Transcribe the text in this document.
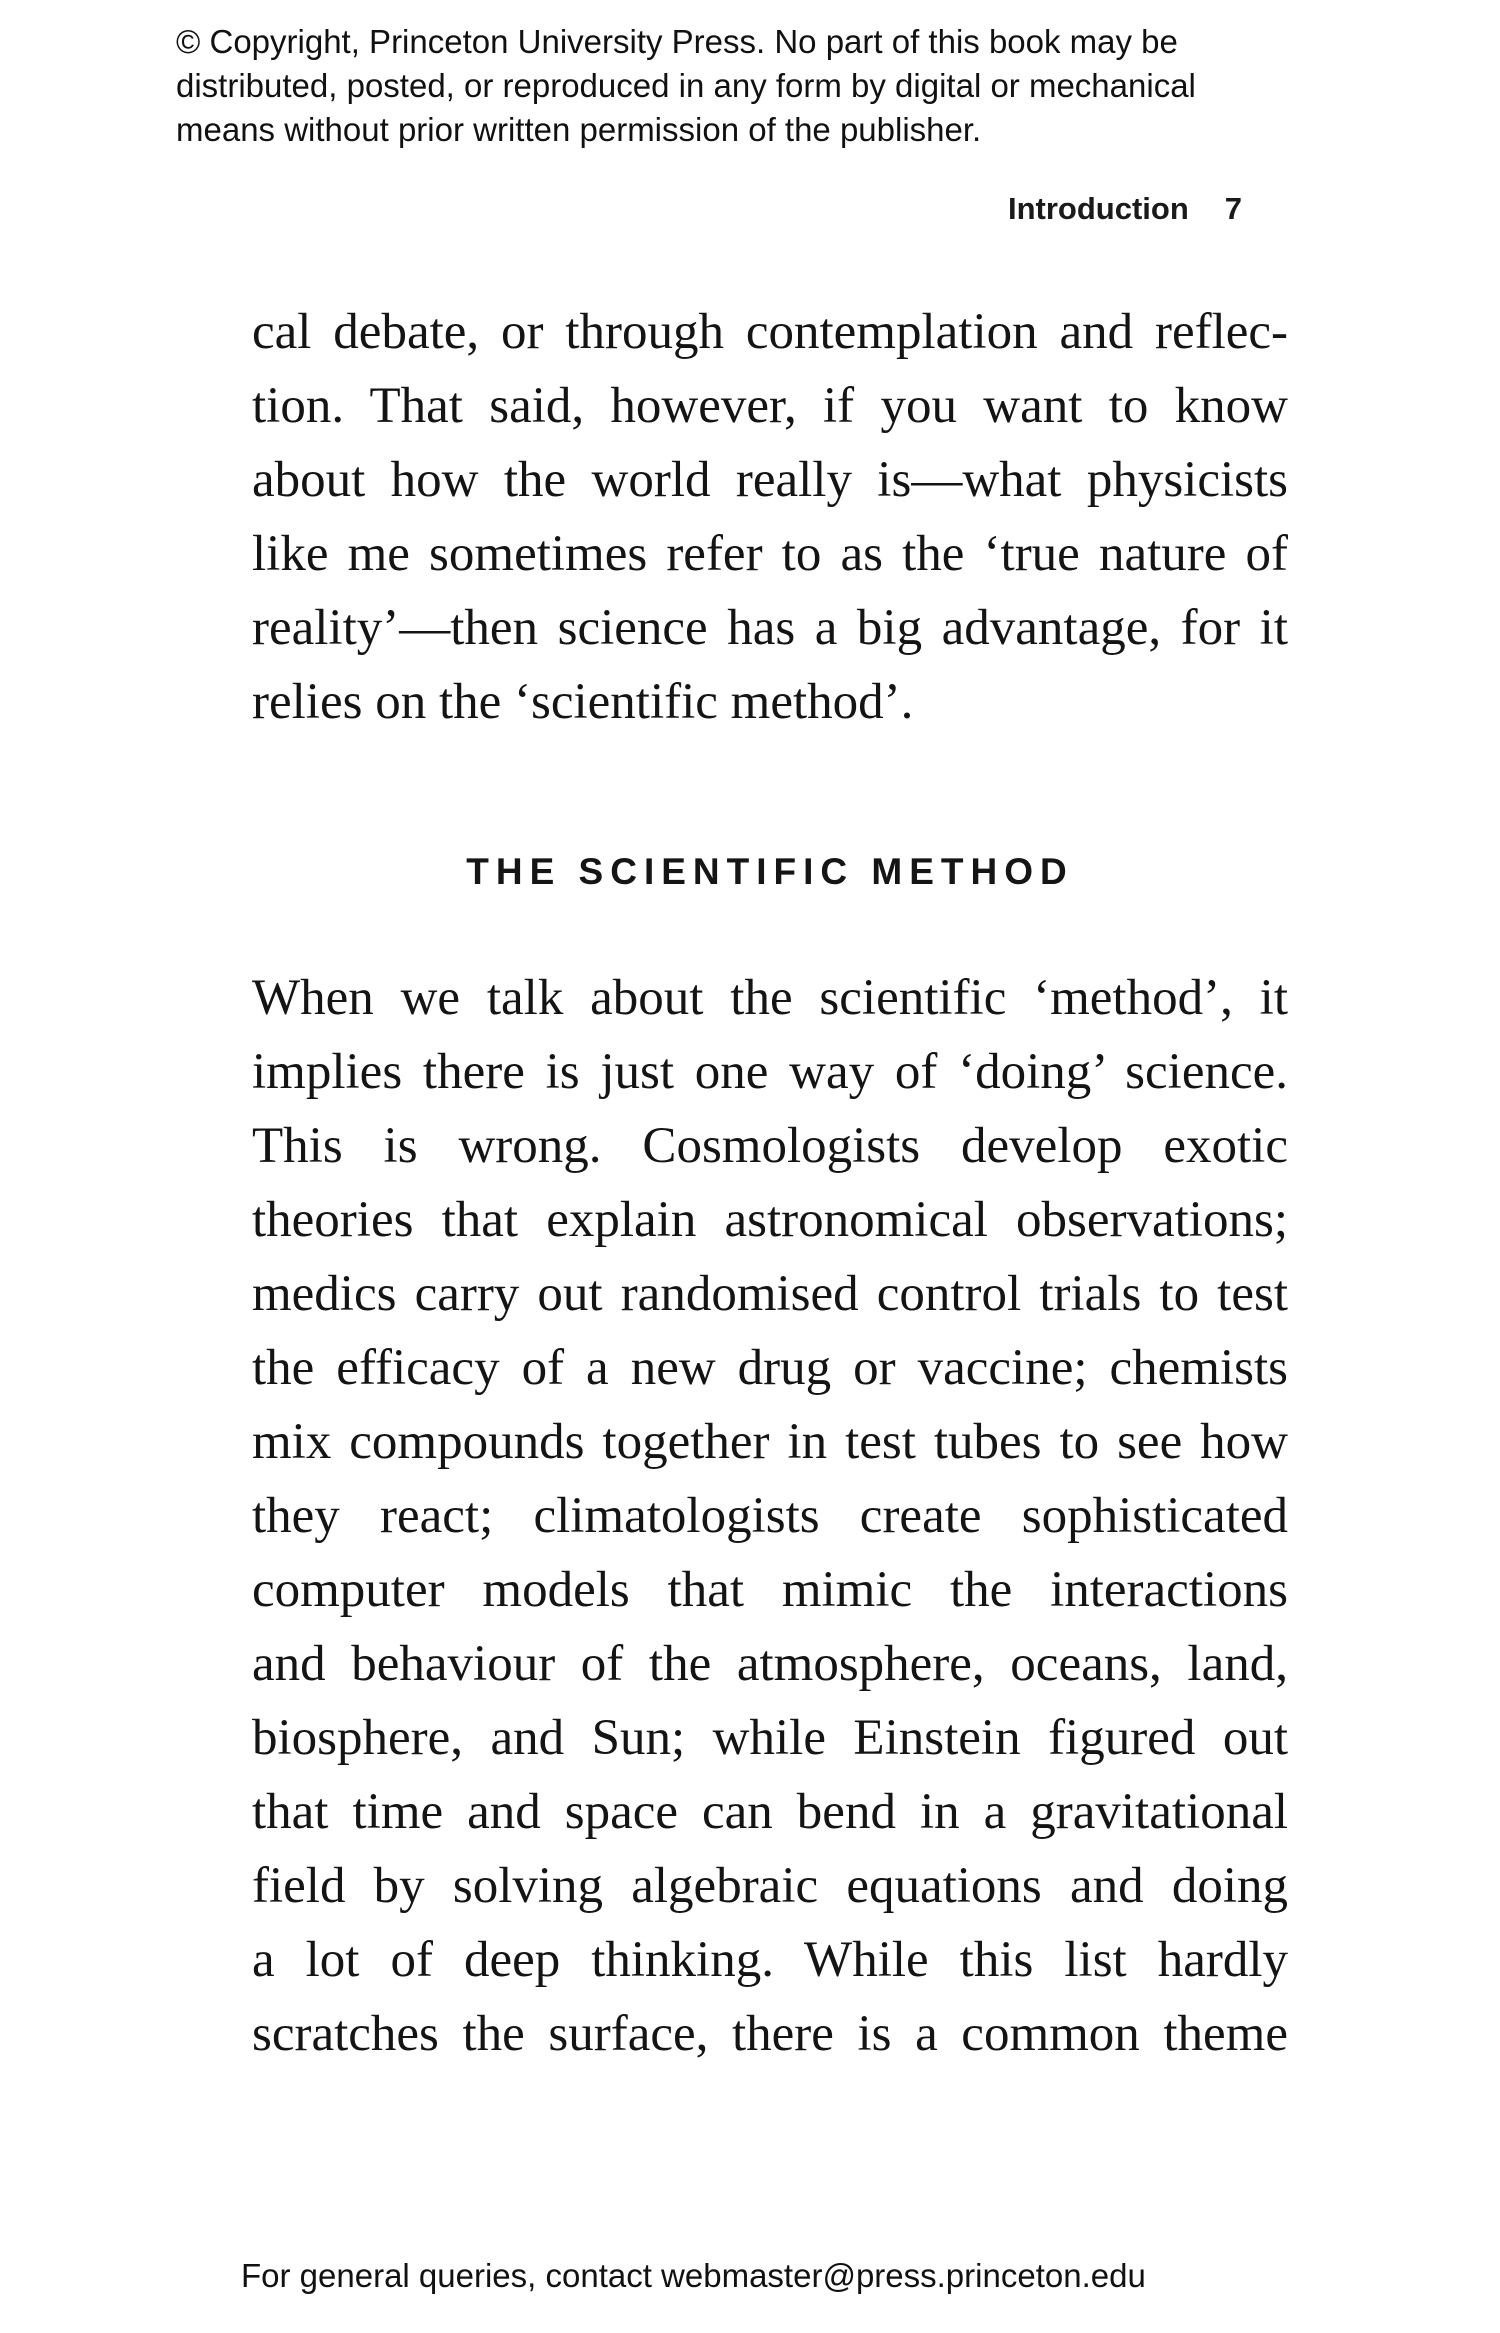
© Copyright, Princeton University Press. No part of this book may be
distributed, posted, or reproduced in any form by digital or mechanical
means without prior written permission of the publisher.
Introduction 7
cal debate, or through contemplation and reflec-
tion. That said, however, if you want to know
about how the world really is—what physicists
like me sometimes refer to as the ‘true nature of
reality’—then science has a big advantage, for it
relies on the ‘scientific method’.
THE SCIENTIFIC METHOD
When we talk about the scientific ‘method’, it
implies there is just one way of ‘doing’ science.
This is wrong. Cosmologists develop exotic
theories that explain astronomical observations;
medics carry out randomised control trials to test
the efficacy of a new drug or vaccine; chemists
mix compounds together in test tubes to see how
they react; climatologists create sophisticated
computer models that mimic the interactions
and behaviour of the atmosphere, oceans, land,
biosphere, and Sun; while Einstein figured out
that time and space can bend in a gravitational
field by solving algebraic equations and doing
a lot of deep thinking. While this list hardly
scratches the surface, there is a common theme
For general queries, contact webmaster@press.princeton.edu
